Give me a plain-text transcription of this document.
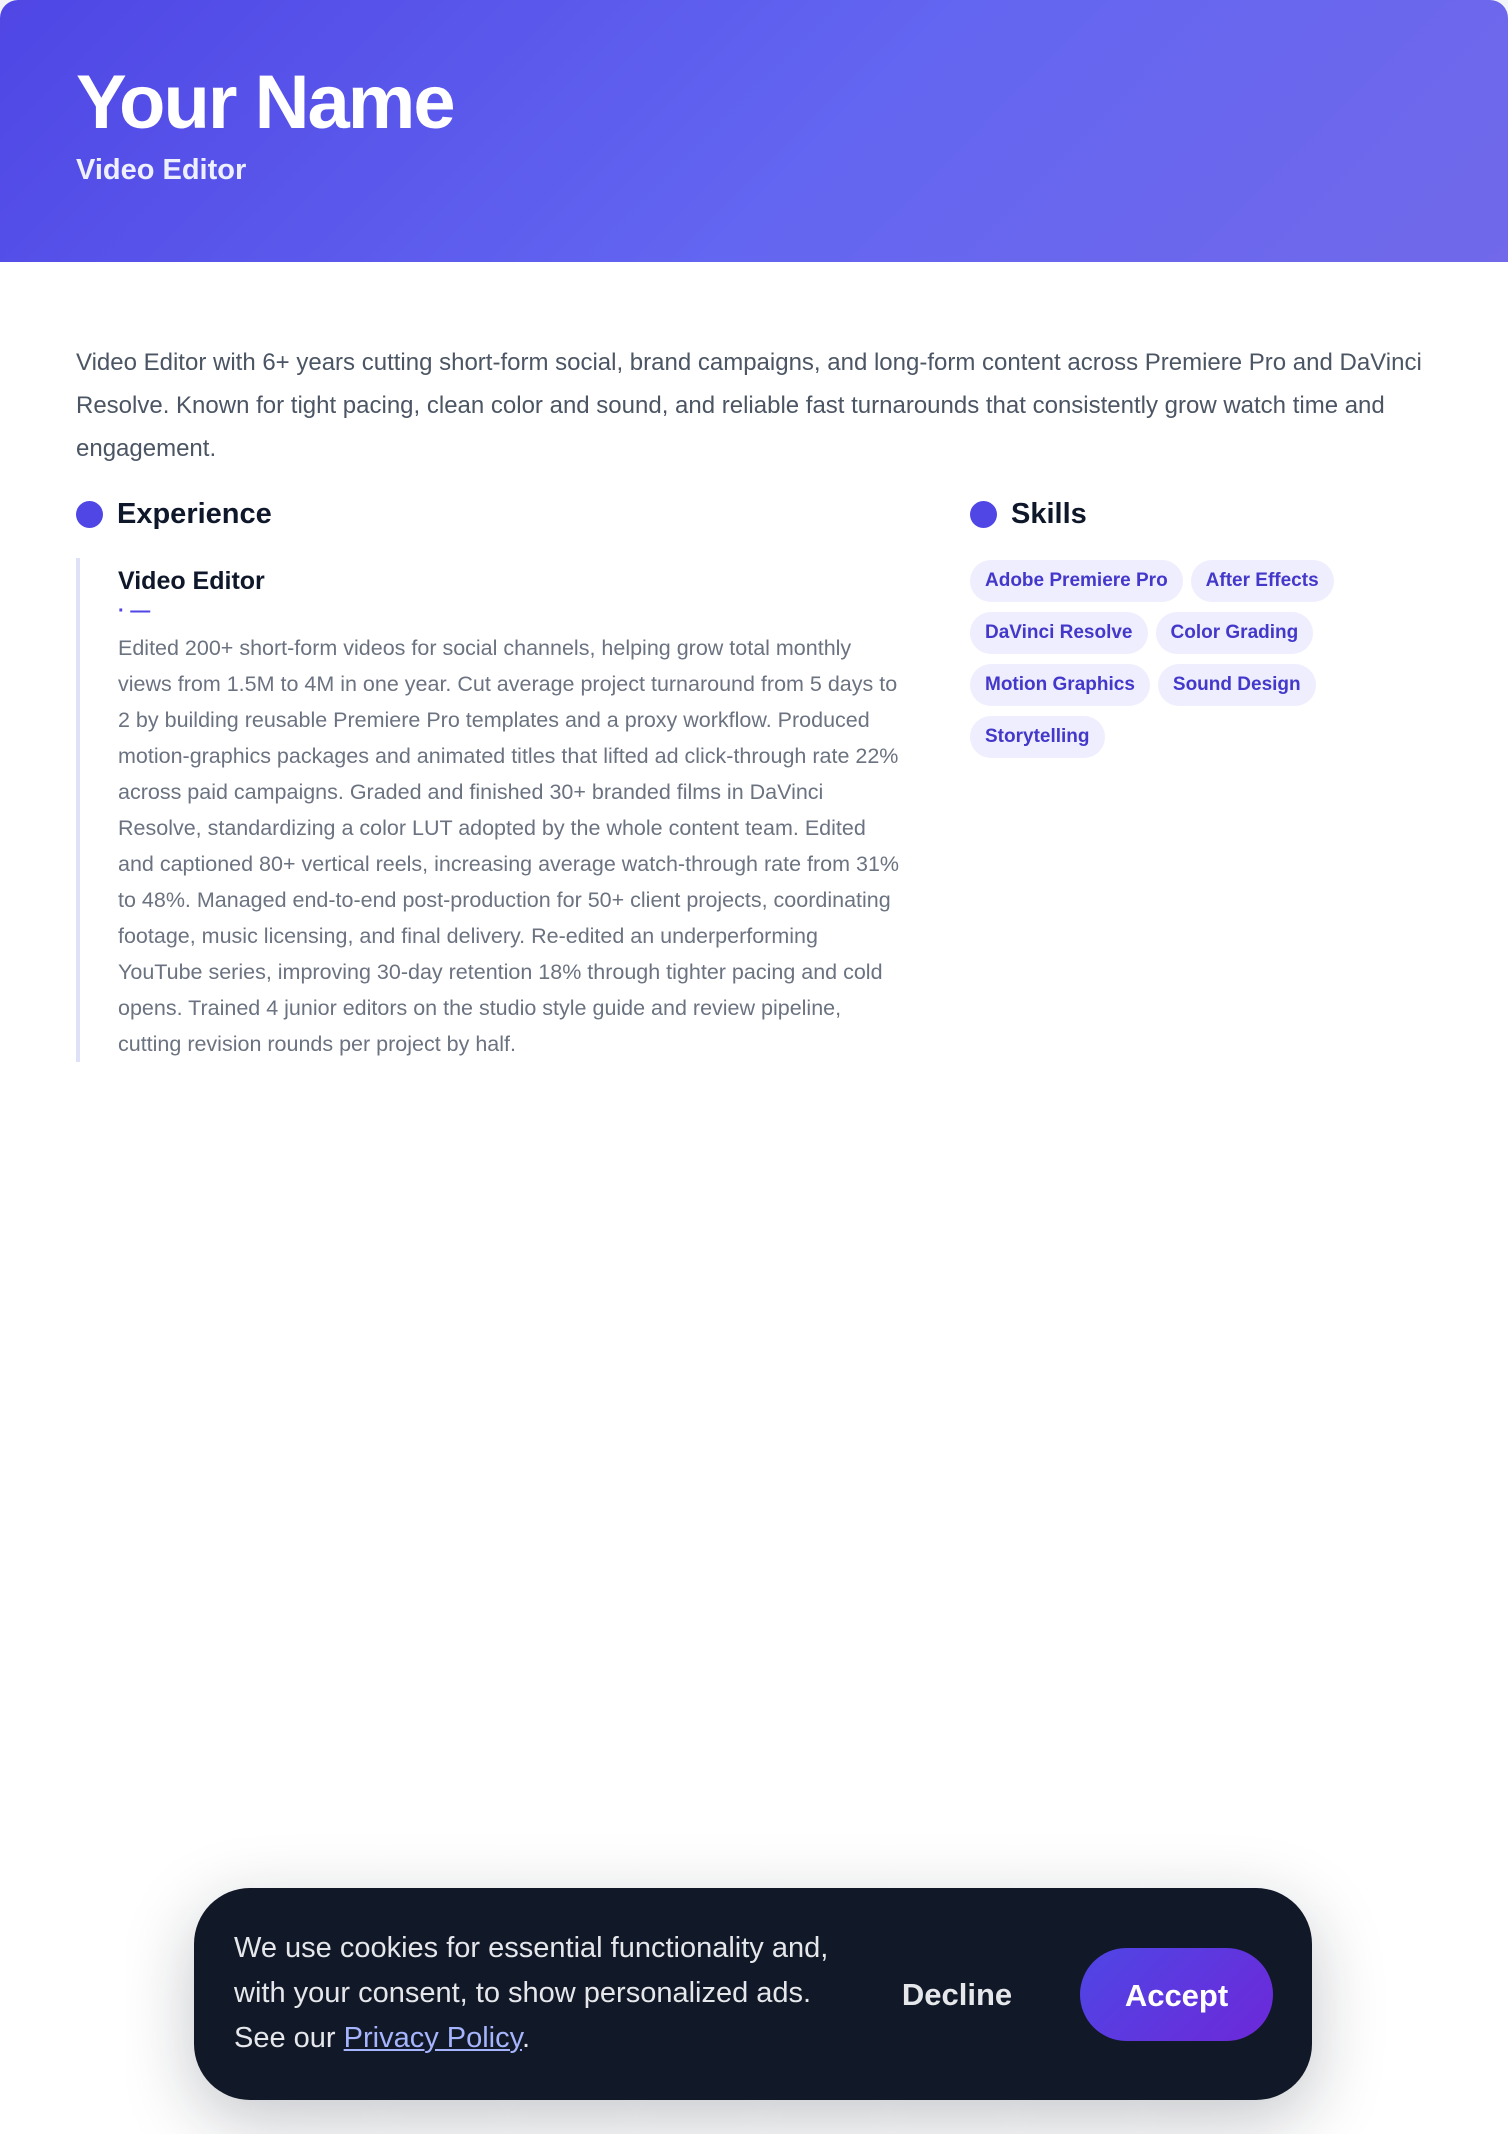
Your Name
Video Editor

Video Editor with 6+ years cutting short-form social, brand campaigns, and long-form content across Premiere Pro and DaVinci Resolve. Known for tight pacing, clean color and sound, and reliable fast turnarounds that consistently grow watch time and engagement.

Experience
Video Editor
· —
Edited 200+ short-form videos for social channels, helping grow total monthly views from 1.5M to 4M in one year. Cut average project turnaround from 5 days to 2 by building reusable Premiere Pro templates and a proxy workflow. Produced motion-graphics packages and animated titles that lifted ad click-through rate 22% across paid campaigns. Graded and finished 30+ branded films in DaVinci Resolve, standardizing a color LUT adopted by the whole content team. Edited and captioned 80+ vertical reels, increasing average watch-through rate from 31% to 48%. Managed end-to-end post-production for 50+ client projects, coordinating footage, music licensing, and final delivery. Re-edited an underperforming YouTube series, improving 30-day retention 18% through tighter pacing and cold opens. Trained 4 junior editors on the studio style guide and review pipeline, cutting revision rounds per project by half.
Skills
Adobe Premiere Pro	After Effects
DaVinci Resolve	Color Grading
Motion Graphics	Sound Design
Storytelling

We use cookies for essential functionality and, with your consent, to show personalized ads. See our Privacy Policy.

Decline	Accept
